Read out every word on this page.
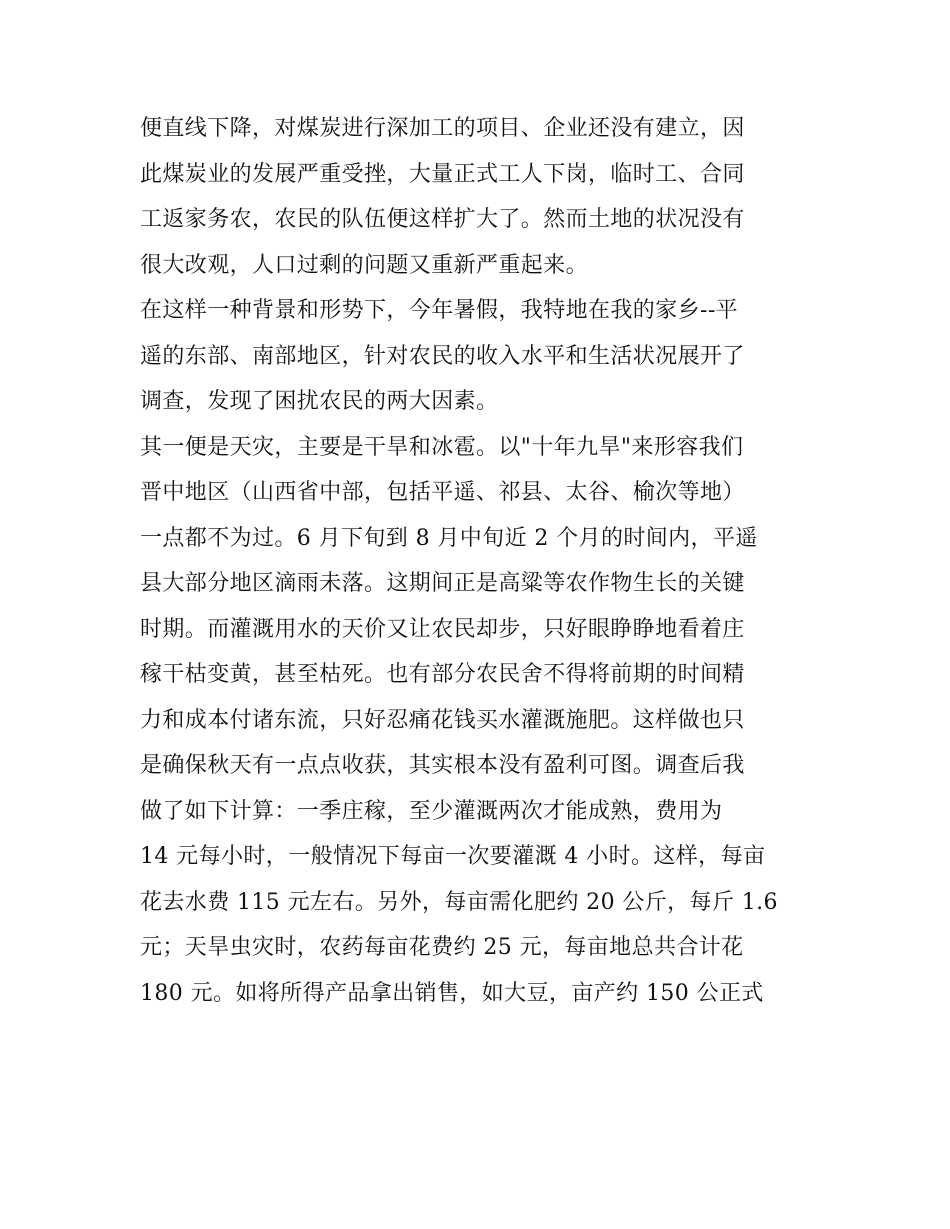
便直线下降，对煤炭进行深加工的项目、企业还没有建立，因
此煤炭业的发展严重受挫，大量正式工人下岗，临时工、合同
工返家务农，农民的队伍便这样扩大了。然而土地的状况没有
很大改观，人口过剩的问题又重新严重起来。
在这样一种背景和形势下，今年暑假，我特地在我的家乡--平
遥的东部、南部地区，针对农民的收入水平和生活状况展开了
调查，发现了困扰农民的两大因素。
其一便是天灾，主要是干旱和冰雹。以"十年九旱"来形容我们
晋中地区（山西省中部，包括平遥、祁县、太谷、榆次等地）
一点都不为过。6 月下旬到 8 月中旬近 2 个月的时间内，平遥
县大部分地区滴雨未落。这期间正是高粱等农作物生长的关键
时期。而灌溉用水的天价又让农民却步，只好眼睁睁地看着庄
稼干枯变黄，甚至枯死。也有部分农民舍不得将前期的时间精
力和成本付诸东流，只好忍痛花钱买水灌溉施肥。这样做也只
是确保秋天有一点点收获，其实根本没有盈利可图。调查后我
做了如下计算：一季庄稼，至少灌溉两次才能成熟，费用为
14 元每小时，一般情况下每亩一次要灌溉 4 小时。这样，每亩
花去水费 115 元左右。另外，每亩需化肥约 20 公斤，每斤 1.6
元；天旱虫灾时，农药每亩花费约 25 元，每亩地总共合计花
180 元。如将所得产品拿出销售，如大豆，亩产约 150 公正式
